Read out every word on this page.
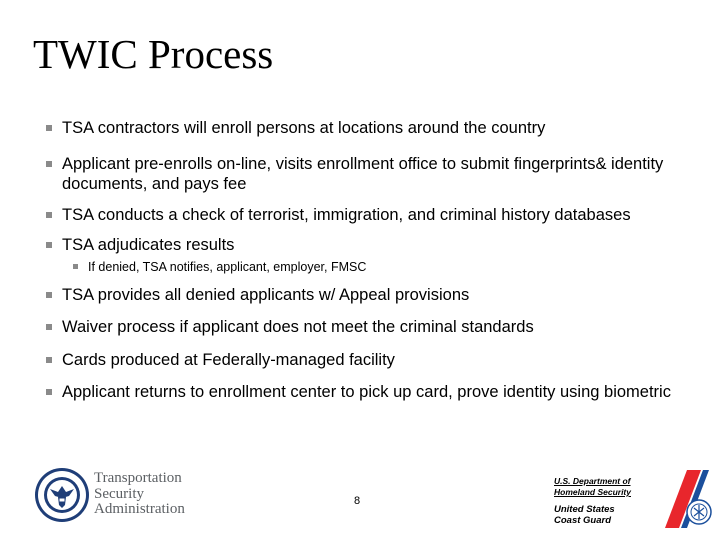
TWIC Process
TSA contractors will enroll persons at locations around the country
Applicant pre-enrolls on-line, visits enrollment office to submit fingerprints& identity documents, and pays fee
TSA conducts a check of terrorist, immigration, and criminal history databases
TSA adjudicates results
If denied, TSA notifies, applicant, employer, FMSC
TSA provides all denied applicants w/ Appeal provisions
Waiver process if applicant does not meet the criminal standards
Cards produced at Federally-managed facility
Applicant returns to enrollment center to pick up card, prove identity using biometric
Transportation
Security
Administration	8
U.S. Department of
Homeland Security
United States
Coast Guard
